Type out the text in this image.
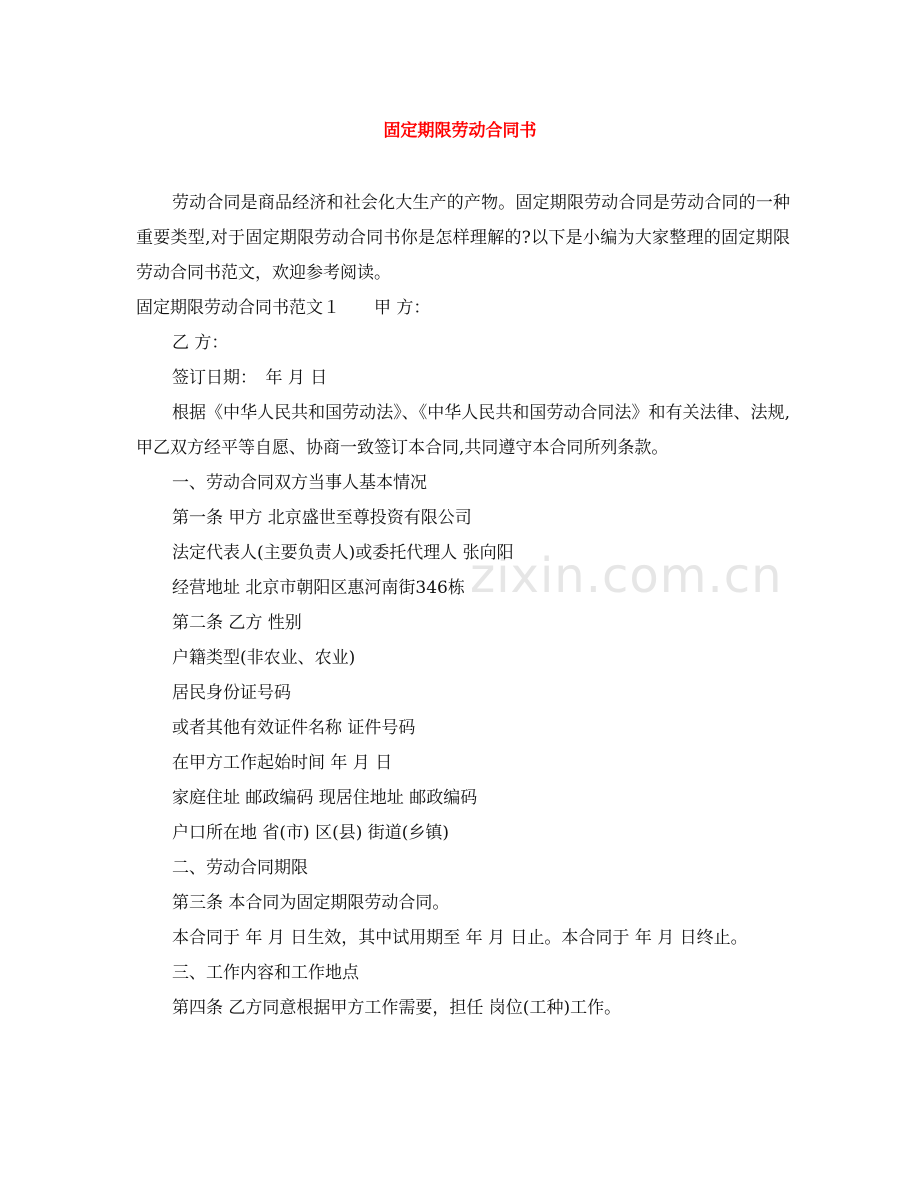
zixin.com.cn
固定期限劳动合同书

劳动合同是商品经济和社会化大生产的产物。固定期限劳动合同是劳动合同的一种重要类型,对于固定期限劳动合同书你是怎样理解的?以下是小编为大家整理的固定期限劳动合同书范文，欢迎参考阅读。

固定期限劳动合同书范文１　　甲 方：

乙 方：

签订日期：　年 月 日

根据《中华人民共和国劳动法》、《中华人民共和国劳动合同法》和有关法律、法规,甲乙双方经平等自愿、协商一致签订本合同,共同遵守本合同所列条款。

一、劳动合同双方当事人基本情况

第一条 甲方 北京盛世至尊投资有限公司

法定代表人(主要负责人)或委托代理人 张向阳

经营地址 北京市朝阳区惠河南街346栋

第二条 乙方 性别

户籍类型(非农业、农业)

居民身份证号码

或者其他有效证件名称 证件号码

在甲方工作起始时间 年 月 日

家庭住址 邮政编码 现居住地址 邮政编码

户口所在地 省(市) 区(县) 街道(乡镇)

二、劳动合同期限

第三条 本合同为固定期限劳动合同。

本合同于 年 月 日生效，其中试用期至 年 月 日止。本合同于 年 月 日终止。

三、工作内容和工作地点

第四条 乙方同意根据甲方工作需要，担任 岗位(工种)工作。
